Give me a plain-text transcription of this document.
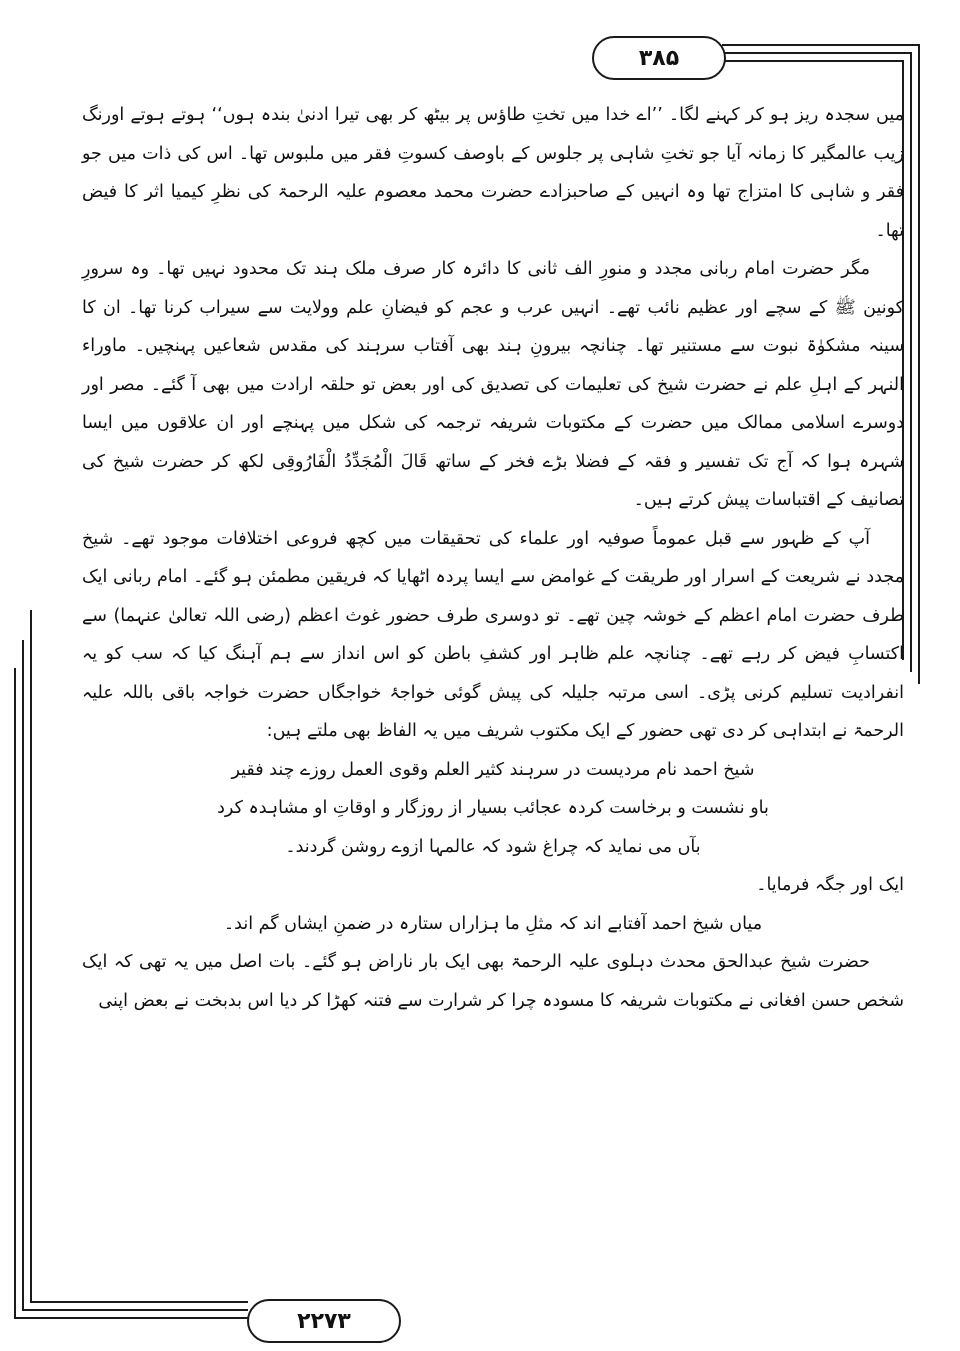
۳۸۵

میں سجدہ ریز ہو کر کہنے لگا۔ ’’اے خدا میں تختِ طاؤس پر بیٹھ کر بھی تیرا ادنیٰ بندہ ہوں‘‘ ہوتے ہوتے اورنگ زیب عالمگیر کا زمانہ آیا جو تختِ شاہی پر جلوس کے باوصف کسوتِ فقر میں ملبوس تھا۔ اس کی ذات میں جو فقر و شاہی کا امتزاج تھا وہ انہیں کے صاحبزادے حضرت محمد معصوم علیہ الرحمۃ کی نظرِ کیمیا اثر کا فیض تھا۔

مگر حضرت امام ربانی مجدد و منورِ الف ثانی کا دائرہ کار صرف ملک ہند تک محدود نہیں تھا۔ وہ سرورِ کونین ﷺ کے سچے اور عظیم نائب تھے۔ انہیں عرب و عجم کو فیضانِ علم وولایت سے سیراب کرنا تھا۔ ان کا سینہ مشکوٰۃ نبوت سے مستنیر تھا۔ چنانچہ بیرونِ ہند بھی آفتاب سرہند کی مقدس شعاعیں پہنچیں۔ ماوراء النہر کے اہلِ علم نے حضرت شیخ کی تعلیمات کی تصدیق کی اور بعض تو حلقہ ارادت میں بھی آ گئے۔ مصر اور دوسرے اسلامی ممالک میں حضرت کے مکتوبات شریفہ ترجمہ کی شکل میں پہنچے اور ان علاقوں میں ایسا شہرہ ہوا کہ آج تک تفسیر و فقہ کے فضلا بڑے فخر کے ساتھ قَالَ الْمُجَدِّدُ الْفَارُوقِی لکھ کر حضرت شیخ کی تصانیف کے اقتباسات پیش کرتے ہیں۔

آپ کے ظہور سے قبل عموماً صوفیہ اور علماء کی تحقیقات میں کچھ فروعی اختلافات موجود تھے۔ شیخ مجدد نے شریعت کے اسرار اور طریقت کے غوامض سے ایسا پردہ اٹھایا کہ فریقین مطمئن ہو گئے۔ امام ربانی ایک طرف حضرت امام اعظم کے خوشہ چین تھے۔ تو دوسری طرف حضور غوث اعظم (رضی اللہ تعالیٰ عنہما) سے اکتسابِ فیض کر رہے تھے۔ چنانچہ علم ظاہر اور کشفِ باطن کو اس انداز سے ہم آہنگ کیا کہ سب کو یہ انفرادیت تسلیم کرنی پڑی۔ اسی مرتبہ جلیلہ کی پیش گوئی خواجۂ خواجگاں حضرت خواجہ باقی باللہ علیہ الرحمۃ نے ابتداہی کر دی تھی حضور کے ایک مکتوب شریف میں یہ الفاظ بھی ملتے ہیں:

شیخ احمد نام مردیست در سرہند کثیر العلم وقوی العمل روزے چند فقیر

باو نشست و برخاست کردہ عجائب بسیار از روزگار و اوقاتِ او مشاہدہ کرد

بآں می نماید کہ چراغ شود کہ عالمہا ازوے روشن گردند۔

ایک اور جگہ فرمایا۔

میاں شیخ احمد آفتابے اند کہ مثلِ ما ہزاراں ستارہ در ضمنِ ایشاں گم اند۔

حضرت شیخ عبدالحق محدث دہلوی علیہ الرحمۃ بھی ایک بار ناراض ہو گئے۔ بات اصل میں یہ تھی کہ ایک شخص حسن افغانی نے مکتوبات شریفہ کا مسودہ چرا کر شرارت سے فتنہ کھڑا کر دیا اس بدبخت نے بعض اپنی

۲۲۷۳
